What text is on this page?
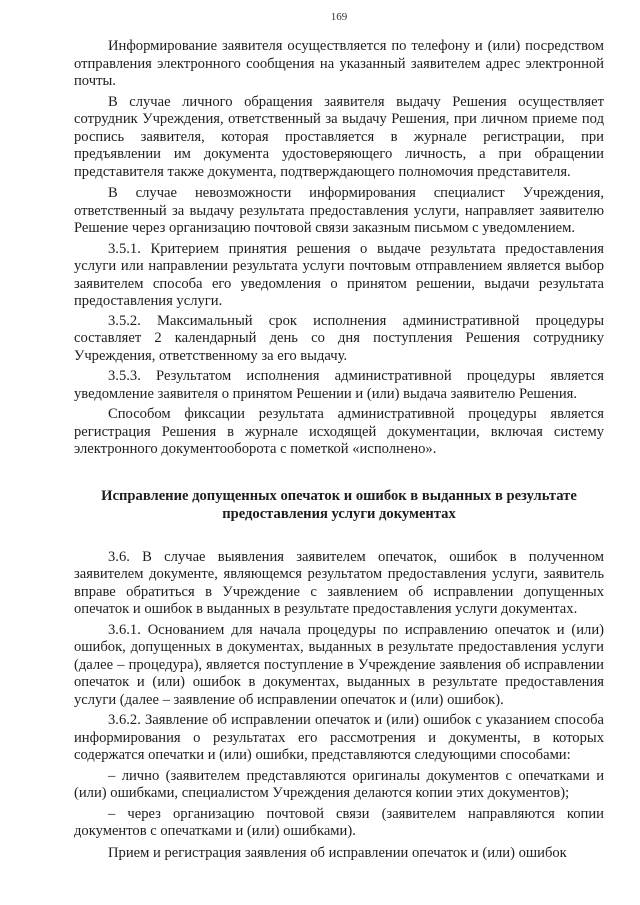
169

Информирование заявителя осуществляется по телефону и (или) посредством отправления электронного сообщения на указанный заявителем адрес электронной почты.

В случае личного обращения заявителя выдачу Решения осуществляет сотрудник Учреждения, ответственный за выдачу Решения, при личном приеме под роспись заявителя, которая проставляется в журнале регистрации, при предъявлении им документа удостоверяющего личность, а при обращении представителя также документа, подтверждающего полномочия представителя.

В случае невозможности информирования специалист Учреждения, ответственный за выдачу результата предоставления услуги, направляет заявителю Решение через организацию почтовой связи заказным письмом с уведомлением.

3.5.1. Критерием принятия решения о выдаче результата предоставления услуги или направлении результата услуги почтовым отправлением является выбор заявителем способа его уведомления о принятом решении, выдачи результата предоставления услуги.

3.5.2. Максимальный срок исполнения административной процедуры составляет 2 календарный день со дня поступления Решения сотруднику Учреждения, ответственному за его выдачу.

3.5.3. Результатом исполнения административной процедуры является уведомление заявителя о принятом Решении и (или) выдача заявителю Решения.

Способом фиксации результата административной процедуры является регистрация Решения в журнале исходящей документации, включая систему электронного документооборота с пометкой «исполнено».

Исправление допущенных опечаток и ошибок в выданных в результате предоставления услуги документах

3.6. В случае выявления заявителем опечаток, ошибок в полученном заявителем документе, являющемся результатом предоставления услуги, заявитель вправе обратиться в Учреждение с заявлением об исправлении допущенных опечаток и ошибок в выданных в результате предоставления услуги документах.

3.6.1. Основанием для начала процедуры по исправлению опечаток и (или) ошибок, допущенных в документах, выданных в результате предоставления услуги (далее – процедура), является поступление в Учреждение заявления об исправлении опечаток и (или) ошибок в документах, выданных в результате предоставления услуги (далее – заявление об исправлении опечаток и (или) ошибок).

3.6.2. Заявление об исправлении опечаток и (или) ошибок с указанием способа информирования о результатах его рассмотрения и документы, в которых содержатся опечатки и (или) ошибки, представляются следующими способами:

– лично (заявителем представляются оригиналы документов с опечатками и (или) ошибками, специалистом Учреждения делаются копии этих документов);

– через организацию почтовой связи (заявителем направляются копии документов с опечатками и (или) ошибками).

Прием и регистрация заявления об исправлении опечаток и (или) ошибок
